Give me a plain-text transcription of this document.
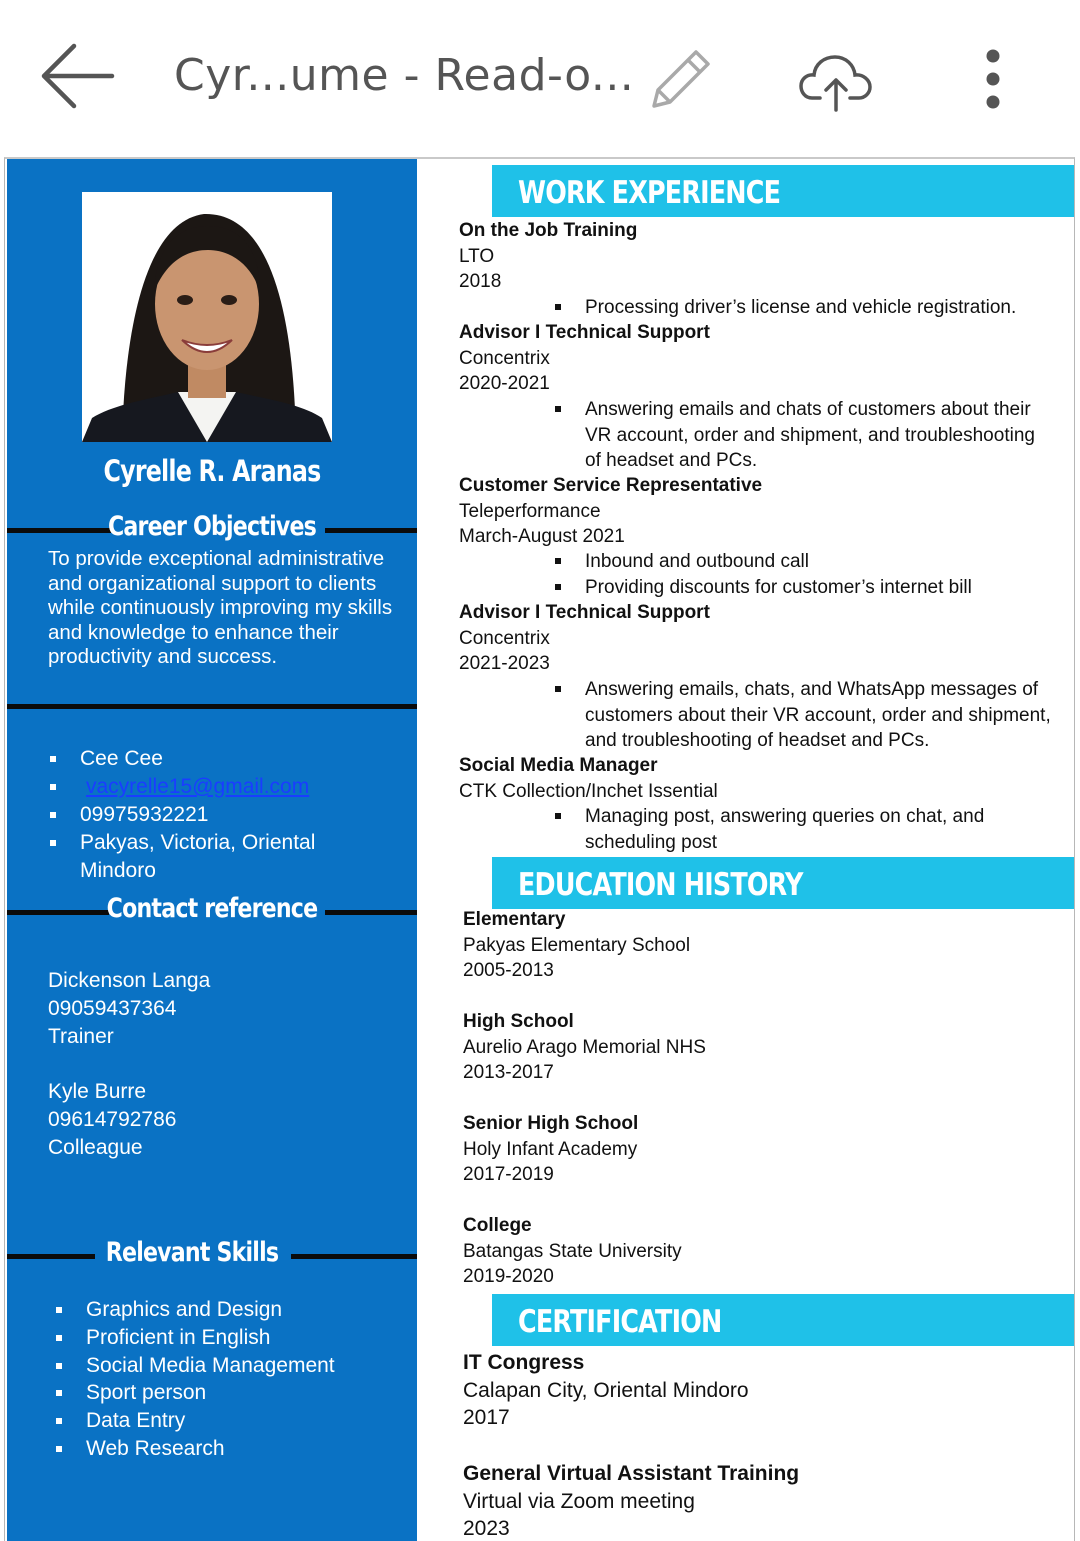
Cyr...ume - Read-o...
Cyrelle R. Aranas
Career Objectives
To provide exceptional administrative and organizational support to clients while continuously improving my skills and knowledge to enhance their productivity and success.
Cee Cee
vacyrelle15@gmail.com
09975932221
Pakyas, Victoria, Oriental Mindoro
Contact reference
Dickenson Langa
09059437364
Trainer
Kyle Burre
09614792786
Colleague
Relevant Skills
Graphics and Design
Proficient in English
Social Media Management
Sport person
Data Entry
Web Research
WORK EXPERIENCE
On the Job Training
LTO
2018
Processing driver’s license and vehicle registration.
Advisor I Technical Support
Concentrix
2020-2021
Answering emails and chats of customers about their VR account, order and shipment, and troubleshooting of headset and PCs.
Customer Service Representative
Teleperformance
March-August 2021
Inbound and outbound call
Providing discounts for customer’s internet bill
Advisor I Technical Support
Concentrix
2021-2023
Answering emails, chats, and WhatsApp messages of customers about their VR account, order and shipment, and troubleshooting of headset and PCs.
Social Media Manager
CTK Collection/Inchet Issential
Managing post, answering queries on chat, and scheduling post
EDUCATION HISTORY
Elementary
Pakyas Elementary School
2005-2013
High School
Aurelio Arago Memorial NHS
2013-2017
Senior High School
Holy Infant Academy
2017-2019
College
Batangas State University
2019-2020
CERTIFICATION
IT Congress
Calapan City, Oriental Mindoro
2017
General Virtual Assistant Training
Virtual via Zoom meeting
2023
